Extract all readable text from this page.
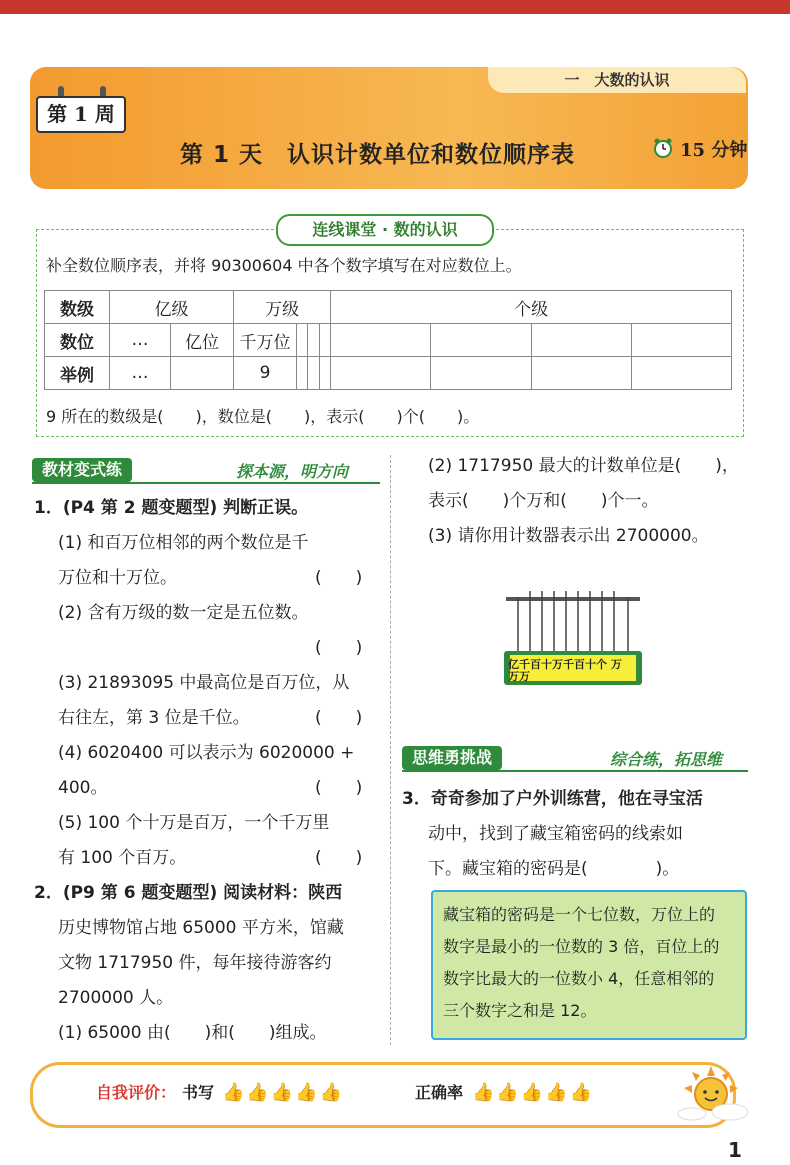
一　大数的认识
第 1 周
第 1 天　认识计数单位和数位顺序表	15 分钟
连线课堂 · 数的认识
补全数位顺序表，并将 90300604 中各个数字填写在对应数位上。
数级	亿级		万级				个级			
数位	…	亿位	千万位							
举例	…		9							
9 所在的数级是(　　)，数位是(　　)，表示(　　)个(　　)。
教材变式练	探本源，明方向
1．(P4 第 2 题变题型) 判断正误。
(1) 和百万位相邻的两个数位是千
万位和十万位。	(　　)
(2) 含有万级的数一定是五位数。
(　　)
(3) 21893095 中最高位是百万位，从
右往左，第 3 位是千位。	(　　)
(4) 6020400 可以表示为 6020000 +
400。	(　　)
(5) 100 个十万是百万，一个千万里
有 100 个百万。	(　　)
2．(P9 第 6 题变题型) 阅读材料：陕西
历史博物馆占地 65000 平方米，馆藏
文物 1717950 件，每年接待游客约
2700000 人。
(1) 65000 由(　　)和(　　)组成。
(2) 1717950 最大的计数单位是(　　)，
表示(　　)个万和(　　)个一。
(3) 请你用计数器表示出 2700000。
亿千百十万千百十个 万万万
思维勇挑战	综合练，拓思维
3．奇奇参加了户外训练营，他在寻宝活
动中，找到了藏宝箱密码的线索如
下。藏宝箱的密码是(　　　　)。
藏宝箱的密码是一个七位数，万位上的
数字是最小的一位数的 3 倍，百位上的
数字比最大的一位数小 4，任意相邻的
三个数字之和是 12。
自我评价： 书写 👍👍👍👍👍	正确率 👍👍👍👍👍
1
